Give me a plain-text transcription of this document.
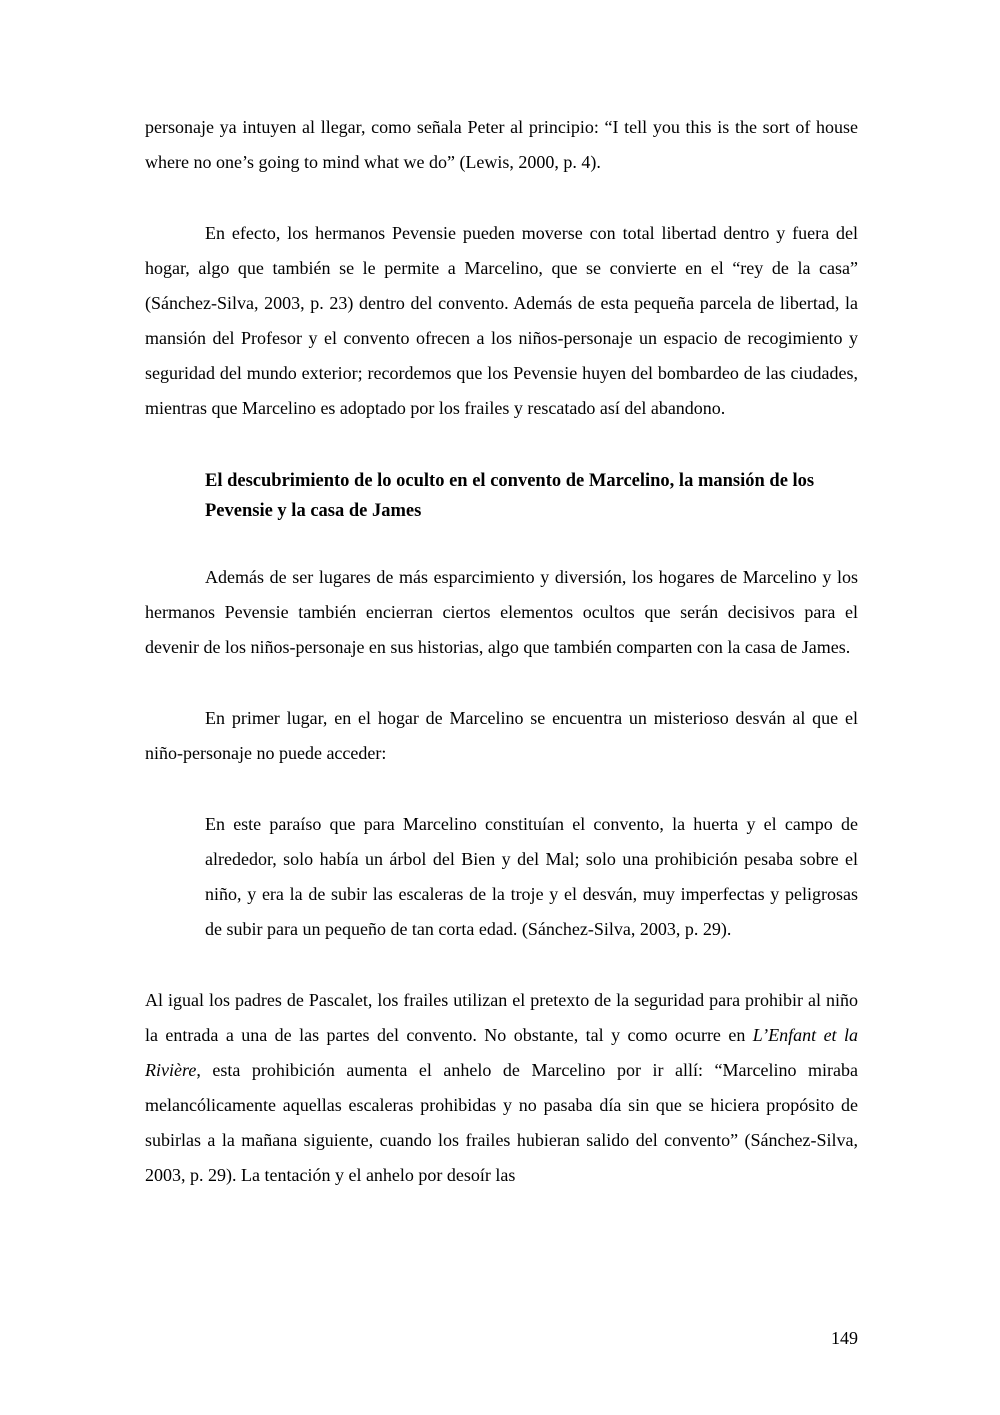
personaje ya intuyen al llegar, como señala Peter al principio: “I tell you this is the sort of house where no one’s going to mind what we do” (Lewis, 2000, p. 4).

En efecto, los hermanos Pevensie pueden moverse con total libertad dentro y fuera del hogar, algo que también se le permite a Marcelino, que se convierte en el “rey de la casa” (Sánchez-Silva, 2003, p. 23) dentro del convento. Además de esta pequeña parcela de libertad, la mansión del Profesor y el convento ofrecen a los niños-personaje un espacio de recogimiento y seguridad del mundo exterior; recordemos que los Pevensie huyen del bombardeo de las ciudades, mientras que Marcelino es adoptado por los frailes y rescatado así del abandono.

El descubrimiento de lo oculto en el convento de Marcelino, la mansión de los Pevensie y la casa de James

Además de ser lugares de más esparcimiento y diversión, los hogares de Marcelino y los hermanos Pevensie también encierran ciertos elementos ocultos que serán decisivos para el devenir de los niños-personaje en sus historias, algo que también comparten con la casa de James.

En primer lugar, en el hogar de Marcelino se encuentra un misterioso desván al que el niño-personaje no puede acceder:

En este paraíso que para Marcelino constituían el convento, la huerta y el campo de alrededor, solo había un árbol del Bien y del Mal; solo una prohibición pesaba sobre el niño, y era la de subir las escaleras de la troje y el desván, muy imperfectas y peligrosas de subir para un pequeño de tan corta edad. (Sánchez-Silva, 2003, p. 29).

Al igual los padres de Pascalet, los frailes utilizan el pretexto de la seguridad para prohibir al niño la entrada a una de las partes del convento. No obstante, tal y como ocurre en L’Enfant et la Rivière, esta prohibición aumenta el anhelo de Marcelino por ir allí: “Marcelino miraba melancólicamente aquellas escaleras prohibidas y no pasaba día sin que se hiciera propósito de subirlas a la mañana siguiente, cuando los frailes hubieran salido del convento” (Sánchez-Silva, 2003, p. 29). La tentación y el anhelo por desoír las

149
